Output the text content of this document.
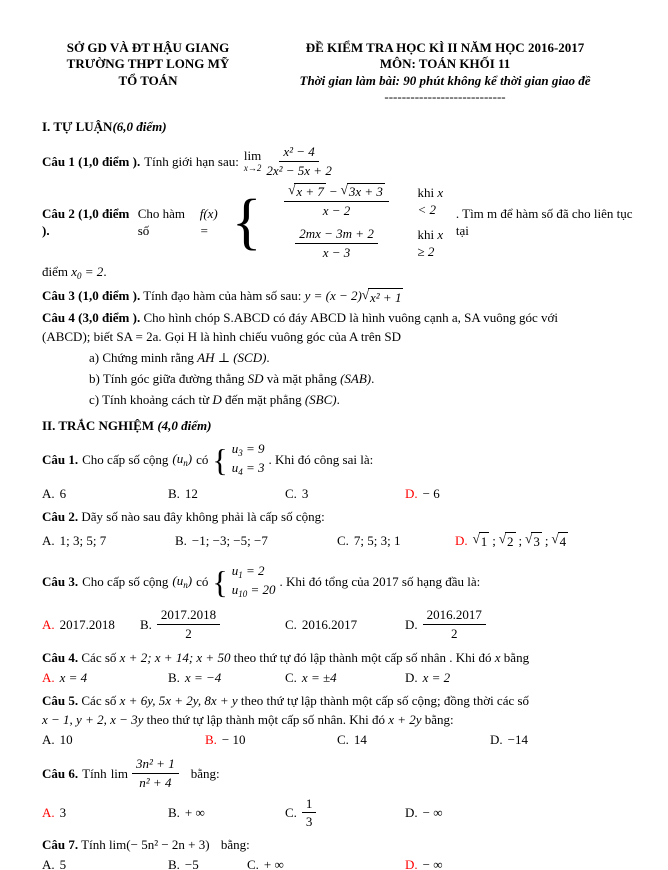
SỞ GD VÀ ĐT HẬU GIANG
TRƯỜNG THPT LONG MỸ
TỔ TOÁN
ĐỀ KIỂM TRA HỌC KÌ II NĂM HỌC 2016-2017
MÔN: TOÁN KHỐI 11
Thời gian làm bài: 90 phút không kể thời gian giao đề
----------------------------
I. TỰ LUẬN(6,0 điểm)
Câu 1 (1,0 điểm ). Tính giới hạn sau: lim
$x\to 2 \frac{\text{x² − 4}}{\text{2x² − 5x + 2}}$
Câu 2 (1,0 điểm ).
Cho hàm số
f(x) = { $\frac{√ x + 7 - √ 3x + 3}{x - 2}$ khi x < 2
$\frac{2mx - 3m + 2}{x - 3}$	khi x ≥ 2
. Tìm m để hàm số đã cho liên tục tại
điểm $x_0 = 2$.
Câu 3 (1,0 điểm ). Tính đạo hàm của hàm số sau: y = (x − 2) √ x² + 1
Câu 4 (3,0 điểm ). Cho hình chóp S.ABCD có đáy ABCD là hình vuông cạnh a, SA vuông góc với
(ABCD); biết SA = 2a. Gọi H là hình chiếu vuông góc của A trên SD
a) Chứng minh rằng AH ⊥ (SCD).
b) Tính góc giữa đường thẳng SD và mặt phẳng (SAB).
c) Tính khoảng cách từ D đến mặt phẳng (SBC).
II. TRẮC NGHIỆM (4,0 điểm)
Câu 1. Cho cấp số cộng $(u_n)$ có { $u_3 = 9$
$u_4 = 3$
. Khi đó công sai là:
A. 6	B. 12	C. 3	D. − 6
Câu 2. Dãy số nào sau đây không phải là cấp số cộng:
A. 1; 3; 5; 7	B. −1; −3; −5; −7	C. 7; 5; 3; 1	D. √ 1 ; √ 2 ; √ 3 ; √ 4
Câu 3. Cho cấp số cộng $(u_n)$ có { $u_1 = 2$
$u_{10} = 20$
. Khi đó tổng của 2017 số hạng đầu là:
A. 2017.2018 B. $\frac{2017.2018}{2}$	C. 2016.2017	D. $\frac{2016.2017}{2}$
Câu 4. Các số x + 2; x + 14; x + 50 theo thứ tự đó lập thành một cấp số nhân . Khi đó x bằng
A. x = 4	B. x = −4	C. x = ±4	D. x = 2
Câu 5. Các số x + 6y, 5x + 2y, 8x + y theo thứ tự lập thành một cấp số cộng; đồng thời các số
x − 1, y + 2, x − 3y theo thứ tự lập thành một cấp số nhân. Khi đó x + 2y bằng:
A. 10	B. − 10	C. 14	D. −14
Câu 6. Tính $\lim \frac{\text{3n² + 1}}{\text{n² + 4}}$ bằng:
A. 3	B. + ∞	C. $\frac{1}{3}$	D. − ∞
Câu 7. Tính lim(− 5n² − 2n + 3) bằng:
A. 5	B. −5	C. + ∞	D. − ∞
